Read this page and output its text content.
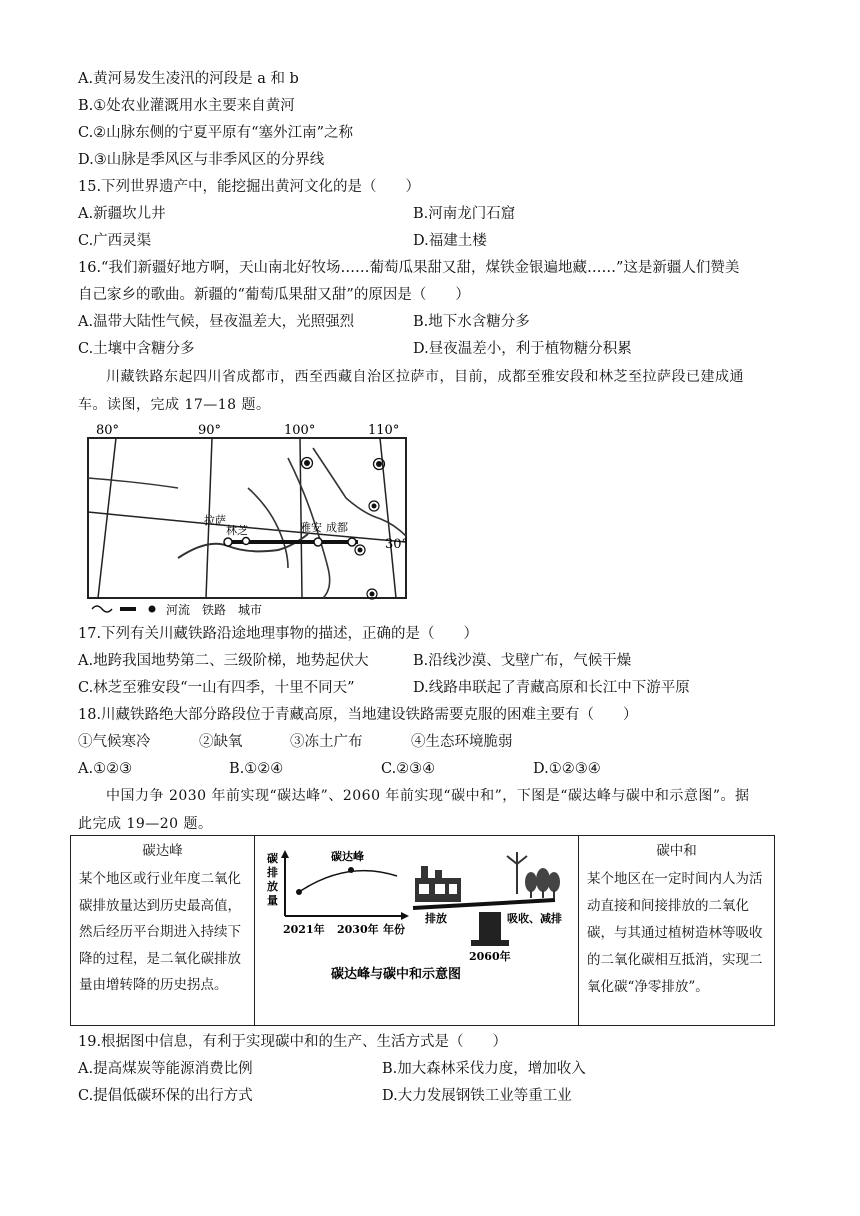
A.黄河易发生凌汛的河段是 a 和 b
B.①处农业灌溉用水主要来自黄河
C.②山脉东侧的宁夏平原有“塞外江南”之称
D.③山脉是季风区与非季风区的分界线
15.下列世界遗产中，能挖掘出黄河文化的是（　　）
A.新疆坎儿井	B.河南龙门石窟
C.广西灵渠	D.福建土楼
16.“我们新疆好地方啊，天山南北好牧场……葡萄瓜果甜又甜，煤铁金银遍地藏……”这是新疆人们赞美
自己家乡的歌曲。新疆的“葡萄瓜果甜又甜”的原因是（　　）
A.温带大陆性气候，昼夜温差大，光照强烈	B.地下水含糖分多
C.土壤中含糖分多	D.昼夜温差小，利于植物糖分积累
川藏铁路东起四川省成都市，西至西藏自治区拉萨市，目前，成都至雅安段和林芝至拉萨段已建成通
车。读图，完成 17—18 题。
80°	90°	100°	110°
30°
拉萨
林芝	雅安 成都
河流　铁路　城市
17.下列有关川藏铁路沿途地理事物的描述，正确的是（　　）
A.地跨我国地势第二、三级阶梯，地势起伏大	B.沿线沙漠、戈壁广布，气候干燥
C.林芝至雅安段“一山有四季，十里不同天”	D.线路串联起了青藏高原和长江中下游平原
18.川藏铁路绝大部分路段位于青藏高原，当地建设铁路需要克服的困难主要有（　　）
①气候寒冷	②缺氧	③冻土广布	④生态环境脆弱
A.①②③	B.①②④	C.②③④	D.①②③④
中国力争 2030 年前实现“碳达峰”、2060 年前实现“碳中和”，下图是“碳达峰与碳中和示意图”。据
此完成 19—20 题。
碳达峰
某个地区或行业年度二氧化碳排放量达到历史最高值，然后经历平台期进入持续下降的过程，是二氧化碳排放量由增转降的历史拐点。

碳 排 放 量
碳达峰
2021年 2030年 年份
排放	吸收、减排
2060年
碳达峰与碳中和示意图

碳中和
某个地区在一定时间内人为活动直接和间接排放的二氧化碳，与其通过植树造林等吸收的二氧化碳相互抵消，实现二氧化碳“净零排放”。
19.根据图中信息，有利于实现碳中和的生产、生活方式是（　　）
A.提高煤炭等能源消费比例	B.加大森林采伐力度，增加收入
C.提倡低碳环保的出行方式	D.大力发展钢铁工业等重工业
